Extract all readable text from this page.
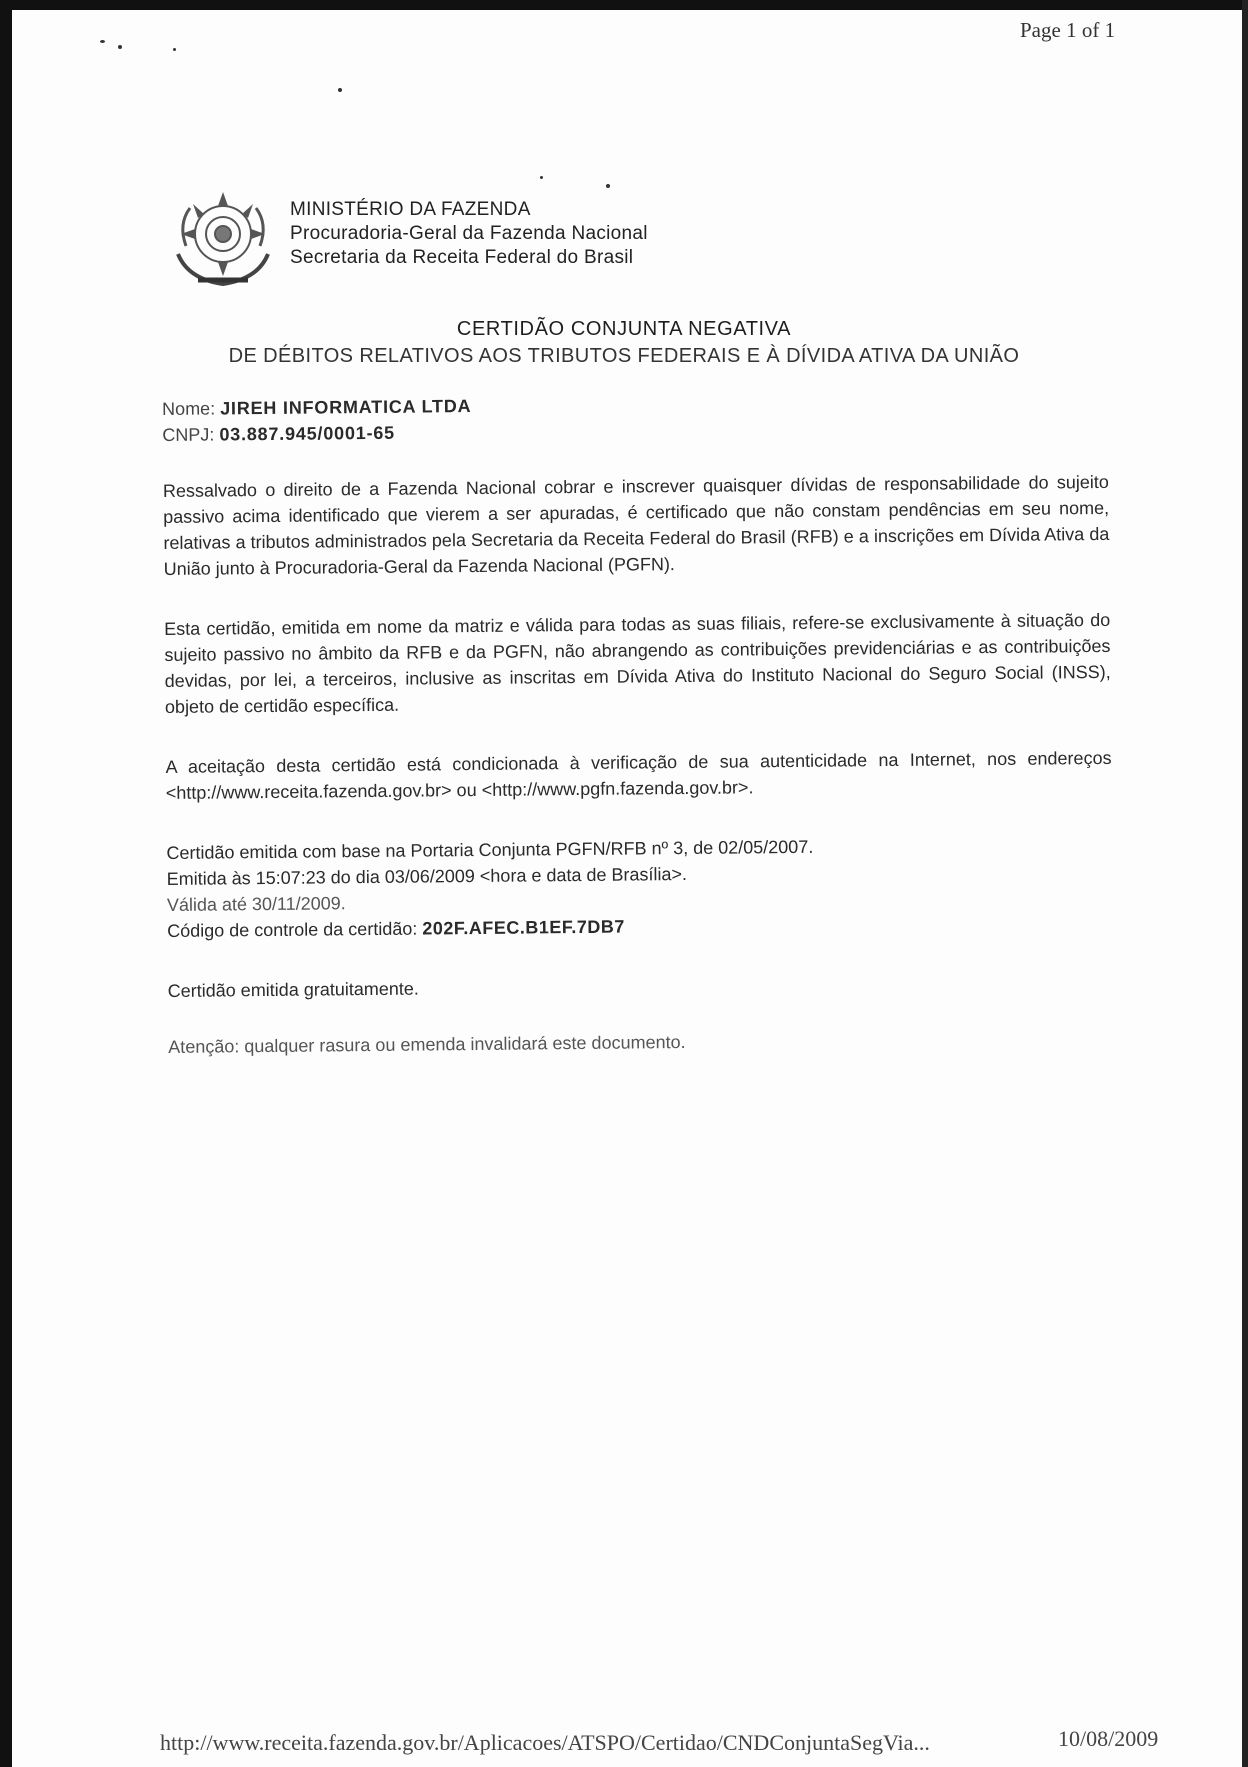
Page 1 of 1
MINISTÉRIO DA FAZENDA
Procuradoria-Geral da Fazenda Nacional
Secretaria da Receita Federal do Brasil
CERTIDÃO CONJUNTA NEGATIVA
DE DÉBITOS RELATIVOS AOS TRIBUTOS FEDERAIS E À DÍVIDA ATIVA DA UNIÃO

Nome: JIREH INFORMATICA LTDA

CNPJ: 03.887.945/0001-65

Ressalvado o direito de a Fazenda Nacional cobrar e inscrever quaisquer dívidas de responsabilidade do sujeito passivo acima identificado que vierem a ser apuradas, é certificado que não constam pendências em seu nome, relativas a tributos administrados pela Secretaria da Receita Federal do Brasil (RFB) e a inscrições em Dívida Ativa da União junto à Procuradoria-Geral da Fazenda Nacional (PGFN).

Esta certidão, emitida em nome da matriz e válida para todas as suas filiais, refere-se exclusivamente à situação do sujeito passivo no âmbito da RFB e da PGFN, não abrangendo as contribuições previdenciárias e as contribuições devidas, por lei, a terceiros, inclusive as inscritas em Dívida Ativa do Instituto Nacional do Seguro Social (INSS), objeto de certidão específica.

A aceitação desta certidão está condicionada à verificação de sua autenticidade na Internet, nos endereços <http://www.receita.fazenda.gov.br> ou <http://www.pgfn.fazenda.gov.br>.

Certidão emitida com base na Portaria Conjunta PGFN/RFB nº 3, de 02/05/2007.

Emitida às 15:07:23 do dia 03/06/2009 <hora e data de Brasília>.

Válida até 30/11/2009.

Código de controle da certidão: 202F.AFEC.B1EF.7DB7

Certidão emitida gratuitamente.

Atenção: qualquer rasura ou emenda invalidará este documento.

http://www.receita.fazenda.gov.br/Aplicacoes/ATSPO/Certidao/CNDConjuntaSegVia...	10/08/2009
